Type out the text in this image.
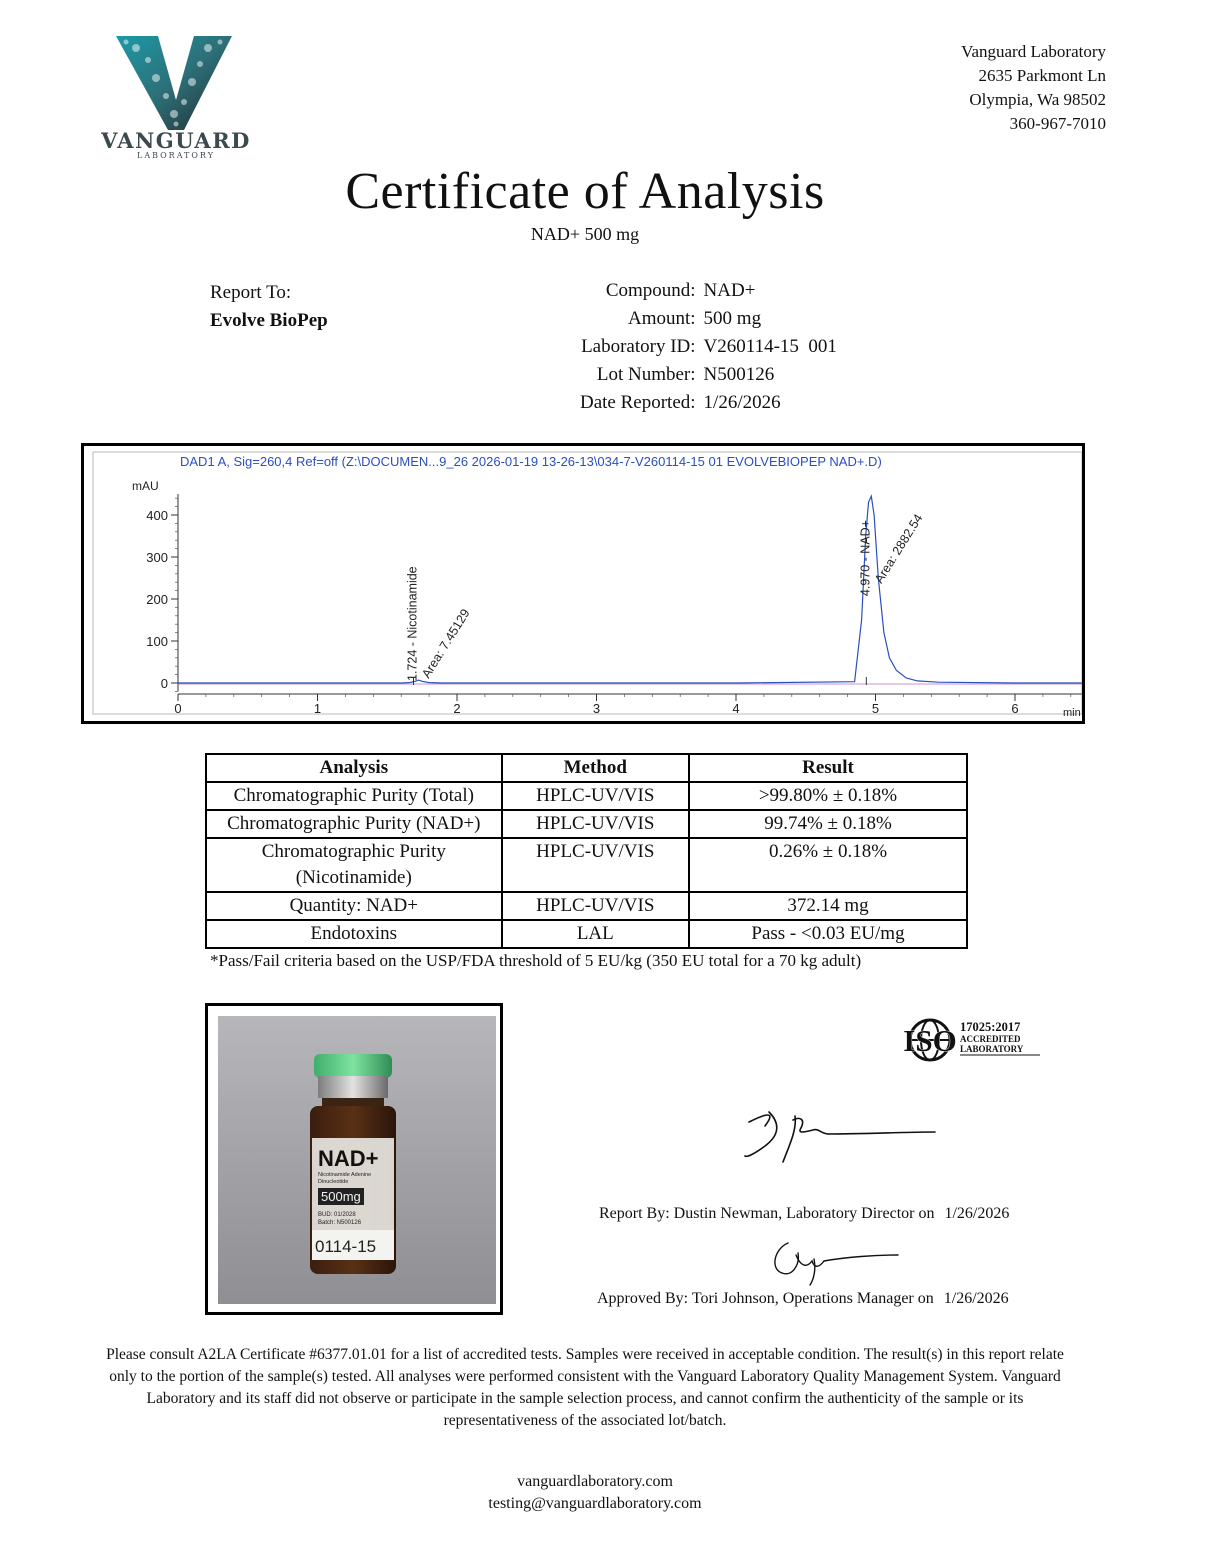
VANGUARD
LABORATORY
Vanguard Laboratory
2635 Parkmont Ln
Olympia, Wa 98502
360-967-7010
Certificate of Analysis
NAD+ 500 mg
Report To:
Evolve BioPep
Compound:	NAD+
Amount:	500 mg
Laboratory ID:	V260114-15  001
Lot Number:	N500126
Date Reported:	1/26/2026
DAD1 A, Sig=260,4 Ref=off (Z:\DOCUMEN...9_26 2026-01-19 13-26-13\034-7-V260114-15 01 EVOLVEBIOPEP NAD+.D)
mAU
min
0
100
200
300
400
0	1	2	3	4	5	6
1.724 - Nicotinamide Area: 7.45129
4.970 - NAD+ Area: 2882.54
Analysis	Method	Result
Chromatographic Purity (Total)	HPLC-UV/VIS	>99.80% ± 0.18%
Chromatographic Purity (NAD+)	HPLC-UV/VIS	99.74% ± 0.18%
Chromatographic Purity (Nicotinamide)	HPLC-UV/VIS	0.26% ± 0.18%
Quantity: NAD+	HPLC-UV/VIS	372.14 mg
Endotoxins	LAL	Pass - <0.03 EU/mg
*Pass/Fail criteria based on the USP/FDA threshold of 5 EU/kg (350 EU total for a 70 kg adult)
NAD+
Nicotinamide Adenine
Dinucleotide
500mg
BUD: 01/2028
Batch: N500126
0114-15
ISO 17025:2017
ACCREDITED
LABORATORY
Report By: Dustin Newman, Laboratory Director on 1/26/2026
Approved By: Tori Johnson, Operations Manager on 1/26/2026
Please consult A2LA Certificate #6377.01.01 for a list of accredited tests. Samples were received in acceptable condition. The result(s) in this report relate only to the portion of the sample(s) tested. All analyses were performed consistent with the Vanguard Laboratory Quality Management System. Vanguard Laboratory and its staff did not observe or participate in the sample selection process, and cannot confirm the authenticity of the sample or its representativeness of the associated lot/batch.
vanguardlaboratory.com
testing@vanguardlaboratory.com
